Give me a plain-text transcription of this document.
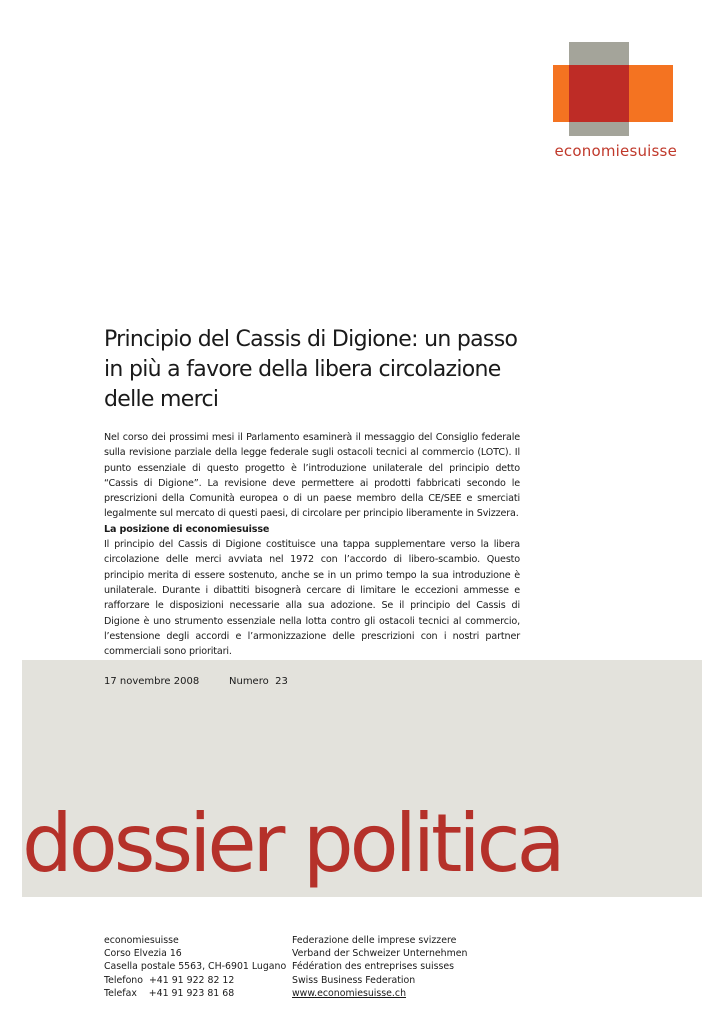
economiesuisse
Principio del Cassis di Digione: un passo in più a favore della libera circolazione delle merci

Nel corso dei prossimi mesi il Parlamento esaminerà il messaggio del Consiglio federale sulla revisione parziale della legge federale sugli ostacoli tecnici al commercio (LOTC). Il punto essenziale di questo progetto è l’introduzione unilaterale del principio detto “Cassis di Digione”. La revisione deve permettere ai prodotti fabbricati secondo le prescrizioni della Comunità europea o di un paese membro della CE/SEE e smerciati legalmente sul mercato di questi paesi, di circolare per principio liberamente in Svizzera.

La posizione di economiesuisse

Il principio del Cassis di Digione costituisce una tappa supplementare verso la libera circolazione delle merci avviata nel 1972 con l’accordo di libero-scambio. Questo principio merita di essere sostenuto, anche se in un primo tempo la sua introduzione è unilaterale. Durante i dibattiti bisognerà cercare di limitare le eccezioni ammesse e rafforzare le disposizioni necessarie alla sua adozione. Se il principio del Cassis di Digione è uno strumento essenziale nella lotta contro gli ostacoli tecnici al commercio, l’estensione degli accordi e l’armonizzazione delle prescrizioni con i nostri partner commerciali sono prioritari.

17 novembre 2008	Numero  23
dossier politica
economiesuisse
Corso Elvezia 16
Casella postale 5563, CH-6901 Lugano
Telefono  +41 91 922 82 12
Telefax    +41 91 923 81 68
Federazione delle imprese svizzere
Verband der Schweizer Unternehmen
Fédération des entreprises suisses
Swiss Business Federation
www.economiesuisse.ch
